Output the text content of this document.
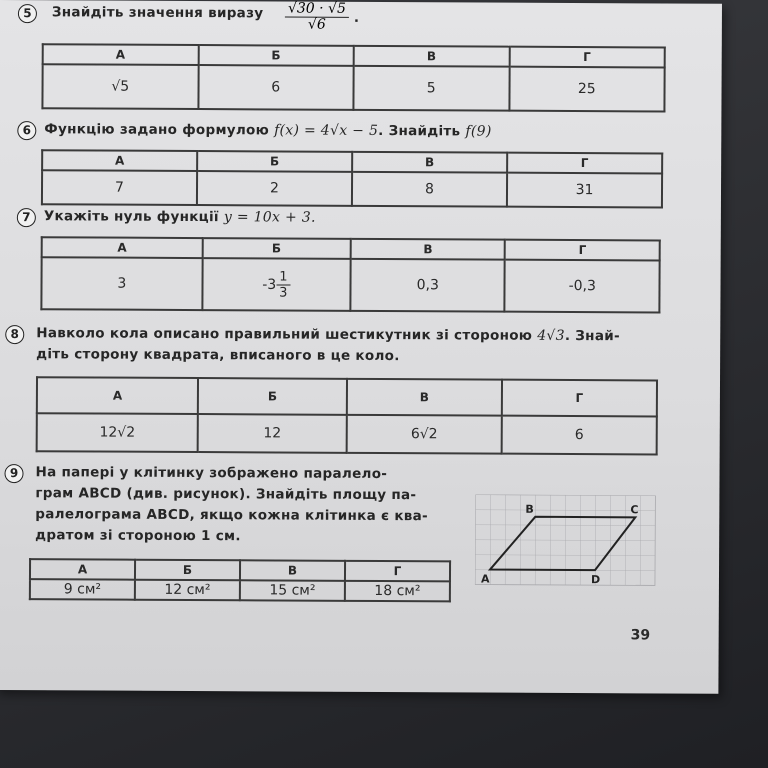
5	Знайдіть значення виразу $\frac{√30 \cdot √5}{√6}$ .
А	Б	В	Г
√5	6	5	25
6 Функцію задано формулою f(x) = 4√x − 5. Знайдіть f(9)
А	Б	В	Г
7	2	8	31
7 Укажіть нуль функції y = 10x + 3.
А	Б	В	Г
3	$-3 \frac{1}{3}$	0,3	-0,3
8	Навколо кола описано правильний шестикутник зі стороною 4√3. Знай-
діть сторону квадрата, вписаного в це коло.
А	Б	В	Г
12√2	12	6√2	6
9	На папері у клітинку зображено паралело-
грам ABCD (див. рисунок). Знайдіть площу па-
ралелограма ABCD, якщо кожна клітинка є ква-
дратом зі стороною 1 см.
А	Б	В	Г
9 см²	12 см²	15 см²	18 см²
A
B	C
D
39
